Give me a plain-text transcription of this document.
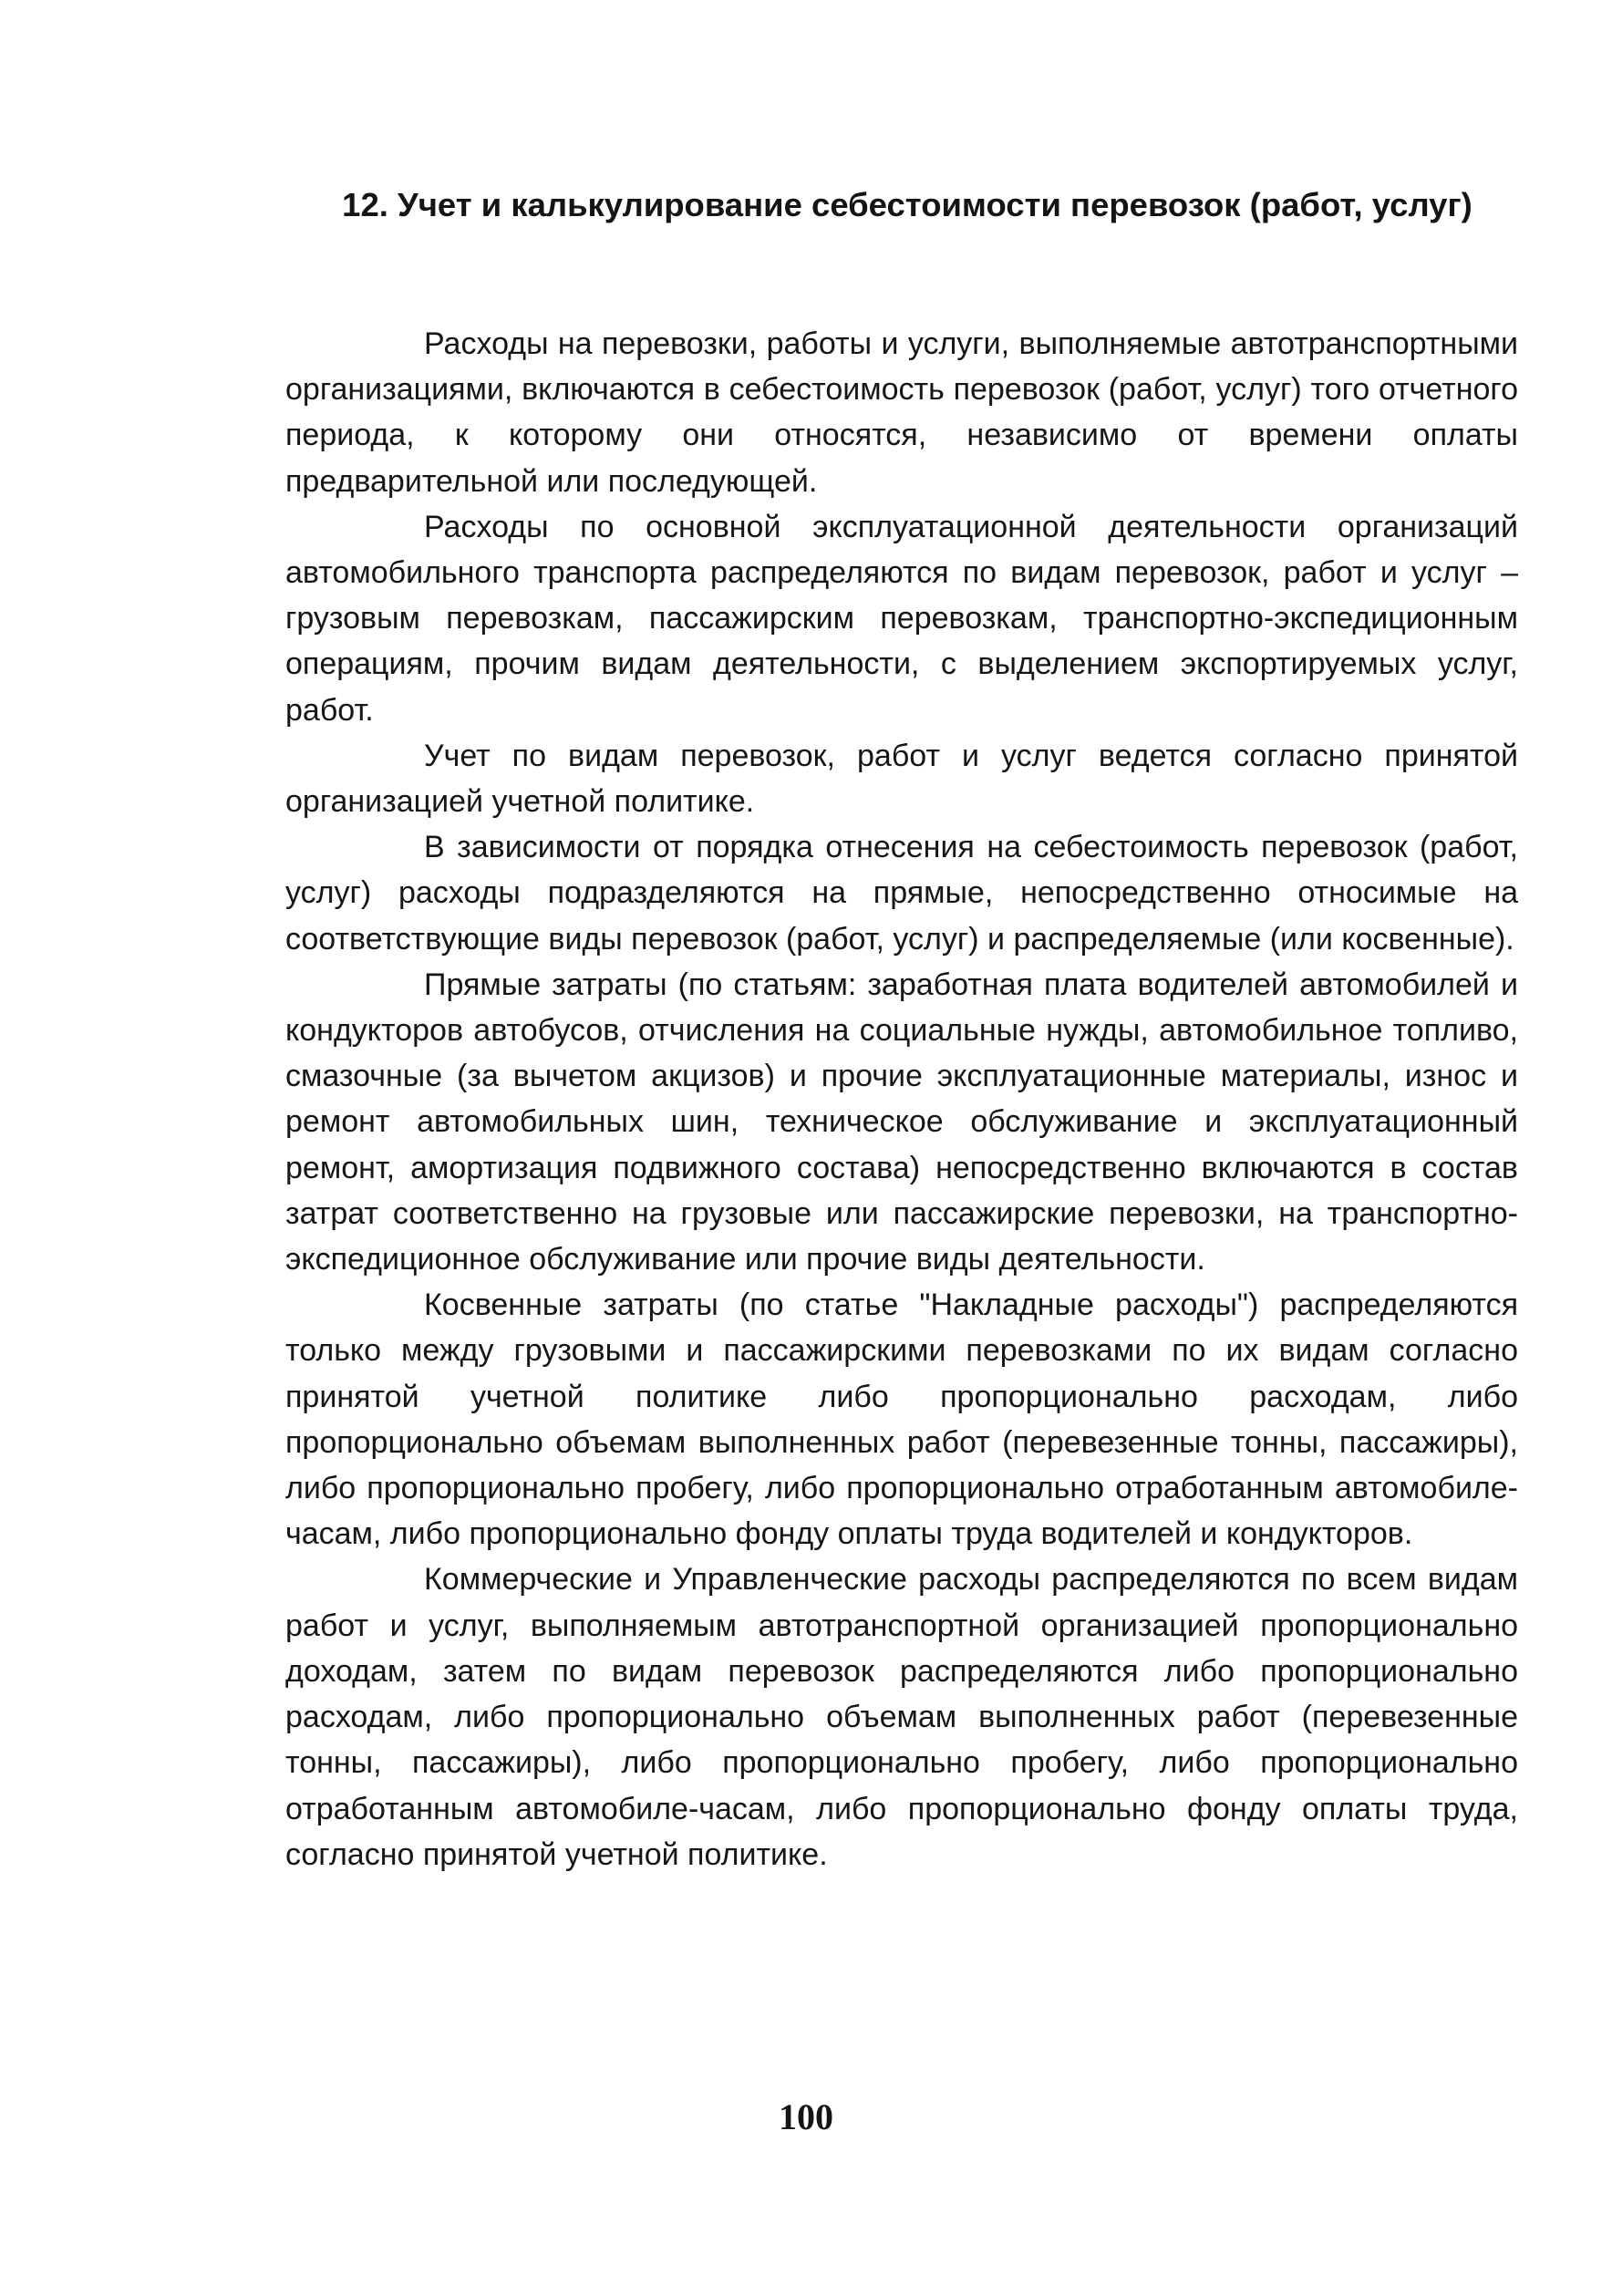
12. Учет и калькулирование себестоимости перевозок (работ, услуг)

Расходы на перевозки, работы и услуги, выполняемые автотранспортными организациями, включаются в себестоимость перевозок (работ, услуг) того отчетного периода, к которому они относятся, независимо от времени оплаты предварительной или последующей.

Расходы по основной эксплуатационной деятельности организаций автомобильного транспорта распределяются по видам перевозок, работ и услуг – грузовым перевозкам, пассажирским перевозкам, транспортно-экспедиционным операциям, прочим видам деятельности, с выделением экспортируемых услуг, работ.

Учет по видам перевозок, работ и услуг ведется согласно принятой организацией учетной политике.

В зависимости от порядка отнесения на себестоимость перевозок (работ, услуг) расходы подразделяются на прямые, непосредственно относимые на соответствующие виды перевозок (работ, услуг) и распределяемые (или косвенные).

Прямые затраты (по статьям: заработная плата водителей автомобилей и кондукторов автобусов, отчисления на социальные нужды, автомобильное топливо, смазочные (за вычетом акцизов) и прочие эксплуатационные материалы, износ и ремонт автомобильных шин, техническое обслуживание и эксплуатационный ремонт, амортизация подвижного состава) непосредственно включаются в состав затрат соответственно на грузовые или пассажирские перевозки, на транспортно-экспедиционное обслуживание или прочие виды деятельности.

Косвенные затраты (по статье "Накладные расходы") распределяются только между грузовыми и пассажирскими перевозками по их видам согласно принятой учетной политике либо пропорционально расходам, либо пропорционально объемам выполненных работ (перевезенные тонны, пассажиры), либо пропорционально пробегу, либо пропорционально отработанным автомобиле-часам, либо пропорционально фонду оплаты труда водителей и кондукторов.

Коммерческие и Управленческие расходы распределяются по всем видам работ и услуг, выполняемым автотранспортной организацией пропорционально доходам, затем по видам перевозок распределяются либо пропорционально расходам, либо пропорционально объемам выполненных работ (перевезенные тонны, пассажиры), либо пропорционально пробегу, либо пропорционально отработанным автомобиле-часам, либо пропорционально фонду оплаты труда, согласно принятой учетной политике.

100
